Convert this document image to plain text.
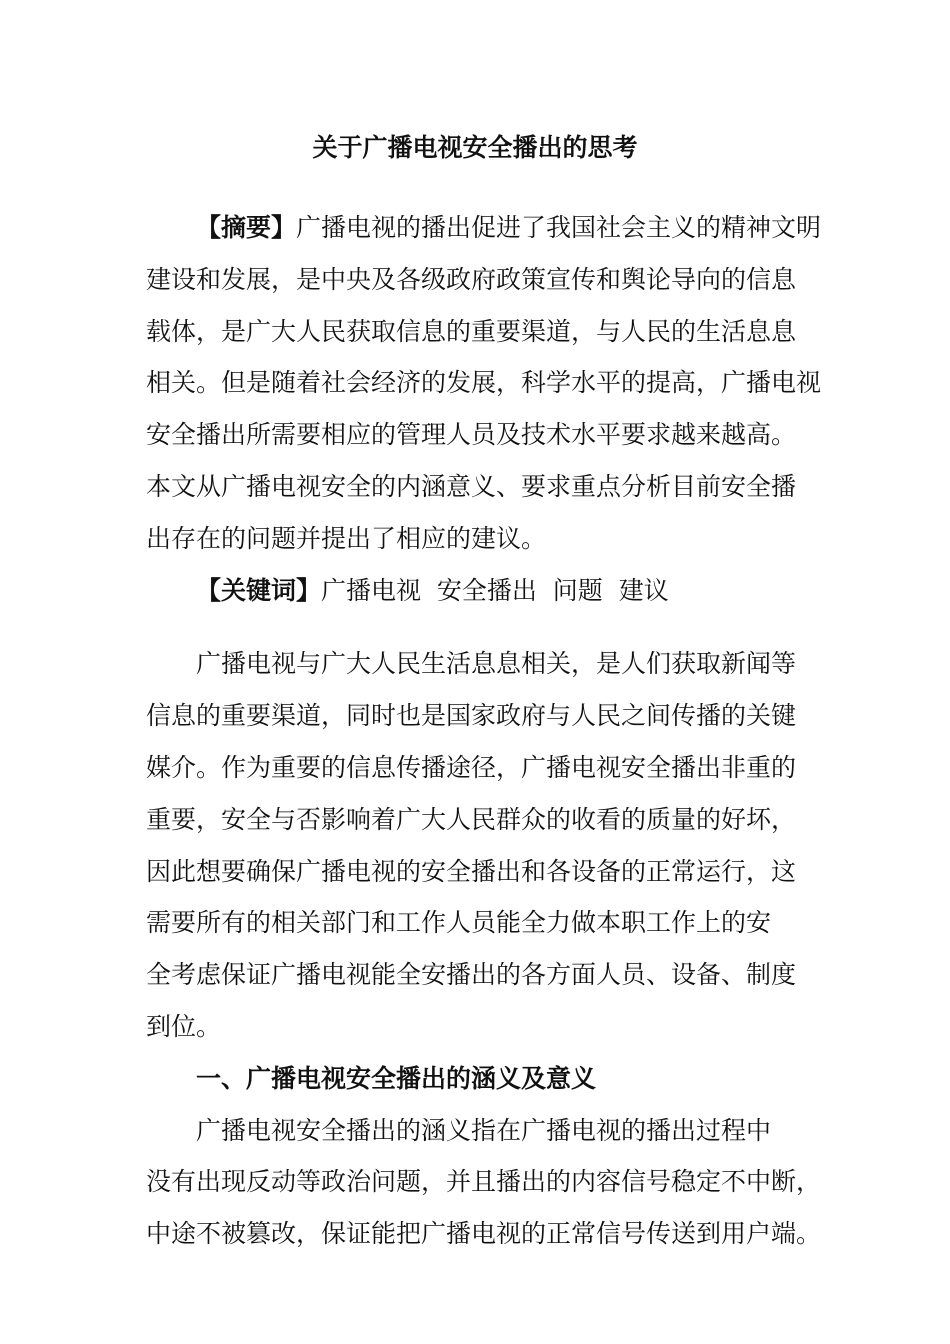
关于广播电视安全播出的思考

【摘要】广播电视的播出促进了我国社会主义的精神文明

建设和发展，是中央及各级政府政策宣传和舆论导向的信息
载体，是广大人民获取信息的重要渠道，与人民的生活息息
相关。但是随着社会经济的发展，科学水平的提高，广播电视
安全播出所需要相应的管理人员及技术水平要求越来越高。
本文从广播电视安全的内涵意义、要求重点分析目前安全播
出存在的问题并提出了相应的建议。

【关键词】广播电视  安全播出  问题  建议

广播电视与广大人民生活息息相关，是人们获取新闻等

信息的重要渠道，同时也是国家政府与人民之间传播的关键
媒介。作为重要的信息传播途径，广播电视安全播出非重的
重要，安全与否影响着广大人民群众的收看的质量的好坏，
因此想要确保广播电视的安全播出和各设备的正常运行，这
需要所有的相关部门和工作人员能全力做本职工作上的安
全考虑保证广播电视能全安播出的各方面人员、设备、制度
到位。

一、广播电视安全播出的涵义及意义

广播电视安全播出的涵义指在广播电视的播出过程中

没有出现反动等政治问题，并且播出的内容信号稳定不中断，
中途不被篡改，保证能把广播电视的正常信号传送到用户端。
